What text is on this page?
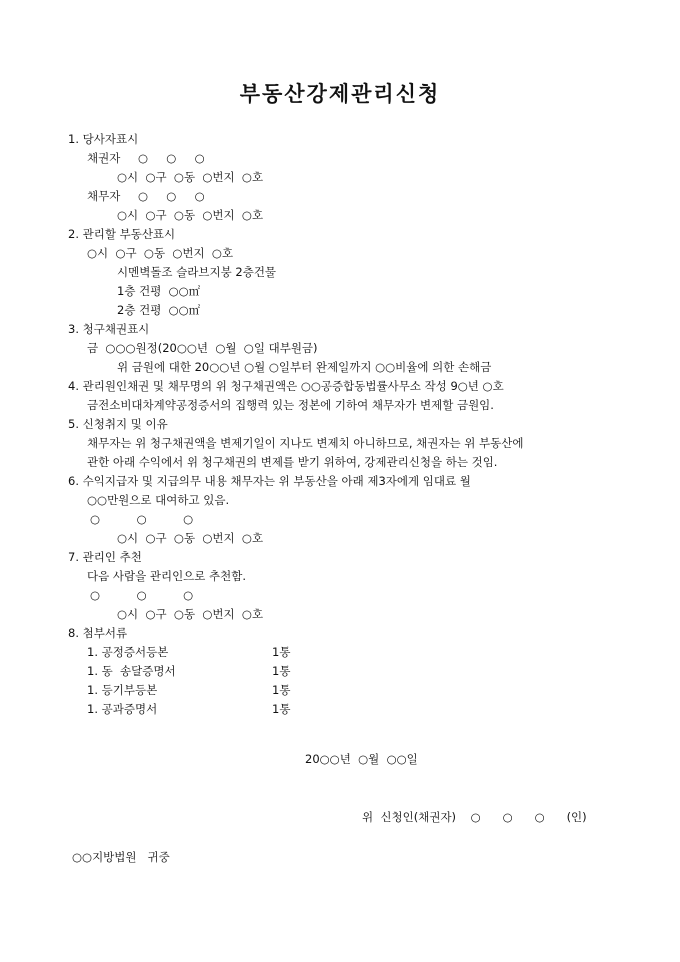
부동산강제관리신청
1. 당사자표시
채권자 ○     ○     ○
○시  ○구  ○동  ○번지  ○호
채무자 ○     ○     ○
○시  ○구  ○동  ○번지  ○호
2. 관리할 부동산표시
○시  ○구  ○동  ○번지  ○호
시멘벽돌조 슬라브지붕 2층건물
1층 건평  ○○㎡
2층 건평  ○○㎡
3. 청구채권표시
금  ○○○원정(20○○년  ○월  ○일 대부원금)
위 금원에 대한 20○○년 ○월 ○일부터 완제일까지 ○○비율에 의한 손해금
4. 관리원인채권 및 채무명의 위 청구채권액은 ○○공증합동법률사무소 작성 9○년 ○호
금전소비대차계약공정증서의 집행력 있는 정본에 기하여 채무자가 변제할 금원임.
5. 신청취지 및 이유
채무자는 위 청구채권액을 변제기일이 지나도 변제치 아니하므로, 채권자는 위 부동산에
관한 아래 수익에서 위 청구채권의 변제를 받기 위하여, 강제관리신청을 하는 것임.
6. 수익지급자 및 지급의무 내용 채무자는 위 부동산을 아래 제3자에게 임대료 월
○○만원으로 대여하고 있음.
○          ○          ○
○시  ○구  ○동  ○번지  ○호
7. 관리인 추천
다음 사람을 관리인으로 추천함.
○          ○          ○
○시  ○구  ○동  ○번지  ○호
8. 첨부서류
1. 공정증서등본	1통
1. 동  송달증명서	1통
1. 등기부등본	1통
1. 공과증명서	1통
20○○년  ○월  ○○일
위  신청인(채권자)    ○      ○      ○      (인)
○○지방법원   귀중
